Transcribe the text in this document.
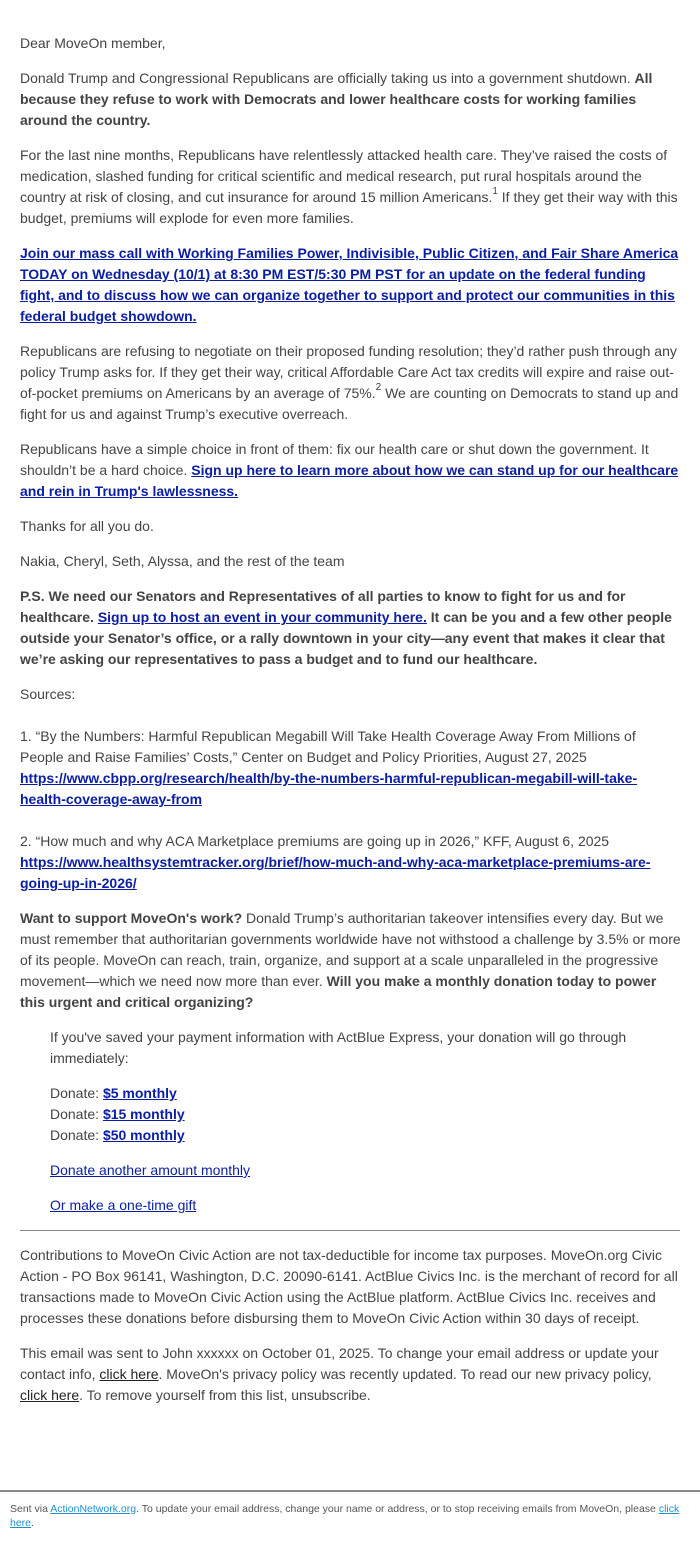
Dear MoveOn member,

Donald Trump and Congressional Republicans are officially taking us into a government shutdown. All because they refuse to work with Democrats and lower healthcare costs for working families around the country.

For the last nine months, Republicans have relentlessly attacked health care. They’ve raised the costs of medication, slashed funding for critical scientific and medical research, put rural hospitals around the country at risk of closing, and cut insurance for around 15 million Americans.$^1$ If they get their way with this budget, premiums will explode for even more families.

Join our mass call with Working Families Power, Indivisible, Public Citizen, and Fair Share America TODAY on Wednesday (10/1) at 8:30 PM EST/5:30 PM PST for an update on the federal funding fight, and to discuss how we can organize together to support and protect our communities in this federal budget showdown.

Republicans are refusing to negotiate on their proposed funding resolution; they’d rather push through any policy Trump asks for. If they get their way, critical Affordable Care Act tax credits will expire and raise out-of-pocket premiums on Americans by an average of 75%.$^2$ We are counting on Democrats to stand up and fight for us and against Trump’s executive overreach.

Republicans have a simple choice in front of them: fix our health care or shut down the government. It shouldn’t be a hard choice. Sign up here to learn more about how we can stand up for our healthcare and rein in Trump's lawlessness.

Thanks for all you do.

Nakia, Cheryl, Seth, Alyssa, and the rest of the team

P.S. We need our Senators and Representatives of all parties to know to fight for us and for healthcare. Sign up to host an event in your community here. It can be you and a few other people outside your Senator’s office, or a rally downtown in your city—any event that makes it clear that we’re asking our representatives to pass a budget and to fund our healthcare.

Sources:

1. “By the Numbers: Harmful Republican Megabill Will Take Health Coverage Away From Millions of People and Raise Families’ Costs,” Center on Budget and Policy Priorities, August 27, 2025
https://www.cbpp.org/research/health/by-the-numbers-harmful-republican-megabill-will-take-health-coverage-away-from

2. “How much and why ACA Marketplace premiums are going up in 2026,” KFF, August 6, 2025
https://www.healthsystemtracker.org/brief/how-much-and-why-aca-marketplace-premiums-are-going-up-in-2026/

Want to support MoveOn's work? Donald Trump’s authoritarian takeover intensifies every day. But we must remember that authoritarian governments worldwide have not withstood a challenge by 3.5% or more of its people. MoveOn can reach, train, organize, and support at a scale unparalleled in the progressive movement—which we need now more than ever. Will you make a monthly donation today to power this urgent and critical organizing?

If you've saved your payment information with ActBlue Express, your donation will go through immediately:

Donate: $5 monthly
Donate: $15 monthly
Donate: $50 monthly

Donate another amount monthly

Or make a one-time gift

Contributions to MoveOn Civic Action are not tax-deductible for income tax purposes. MoveOn.org Civic Action - PO Box 96141, Washington, D.C. 20090-6141. ActBlue Civics Inc. is the merchant of record for all transactions made to MoveOn Civic Action using the ActBlue platform. ActBlue Civics Inc. receives and processes these donations before disbursing them to MoveOn Civic Action within 30 days of receipt.

This email was sent to John xxxxxx on October 01, 2025. To change your email address or update your contact info, click here. MoveOn's privacy policy was recently updated. To read our new privacy policy, click here. To remove yourself from this list, unsubscribe.

Sent via ActionNetwork.org. To update your email address, change your name or address, or to stop receiving emails from MoveOn, please click here.
